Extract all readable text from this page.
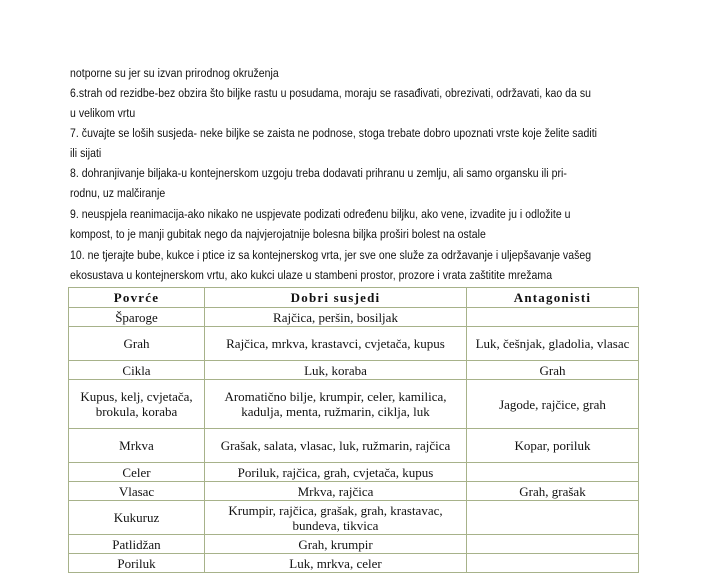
notporne su jer su izvan prirodnog okruženja
6.strah od rezidbe-bez obzira što biljke rastu u posudama, moraju se rasađivati, obrezivati, održavati, kao da su
u velikom vrtu
7. čuvajte se loših susjeda- neke biljke se zaista ne podnose, stoga trebate dobro upoznati vrste koje želite saditi
ili sijati
8. dohranjivanje biljaka-u kontejnerskom uzgoju treba dodavati prihranu u zemlju, ali samo organsku ili pri-
rodnu, uz malčiranje
9. neuspjela reanimacija-ako nikako ne uspjevate podizati određenu biljku, ako vene, izvadite ju i odložite u
kompost, to je manji gubitak nego da najvjerojatnije bolesna biljka proširi bolest na ostale
10. ne tjerajte bube, kukce i ptice iz sa kontejnerskog vrta, jer sve one služe za održavanje i uljepšavanje vašeg
ekosustava u kontejnerskom vrtu, ako kukci ulaze u stambeni prostor, prozore i vrata zaštitite mrežama
Povrće	Dobri susjedi	Antagonisti
Šparoge	Rajčica, peršin, bosiljak	
Grah	Rajčica, mrkva, krastavci, cvjetača, kupus	Luk, češnjak, gladolia, vlasac
Cikla	Luk, koraba	Grah
Kupus, kelj, cvjetača, brokula, koraba	Aromatično bilje, krumpir, celer, kamilica, kadulja, menta, ružmarin, ciklja, luk	Jagode, rajčice, grah
Mrkva	Grašak, salata, vlasac, luk, ružmarin, rajčica	Kopar, poriluk
Celer	Poriluk, rajčica, grah, cvjetača, kupus	
Vlasac	Mrkva, rajčica	Grah, grašak
Kukuruz	Krumpir, rajčica, grašak, grah, krastavac, bundeva, tikvica	
Patlidžan	Grah, krumpir	
Poriluk	Luk, mrkva, celer	
